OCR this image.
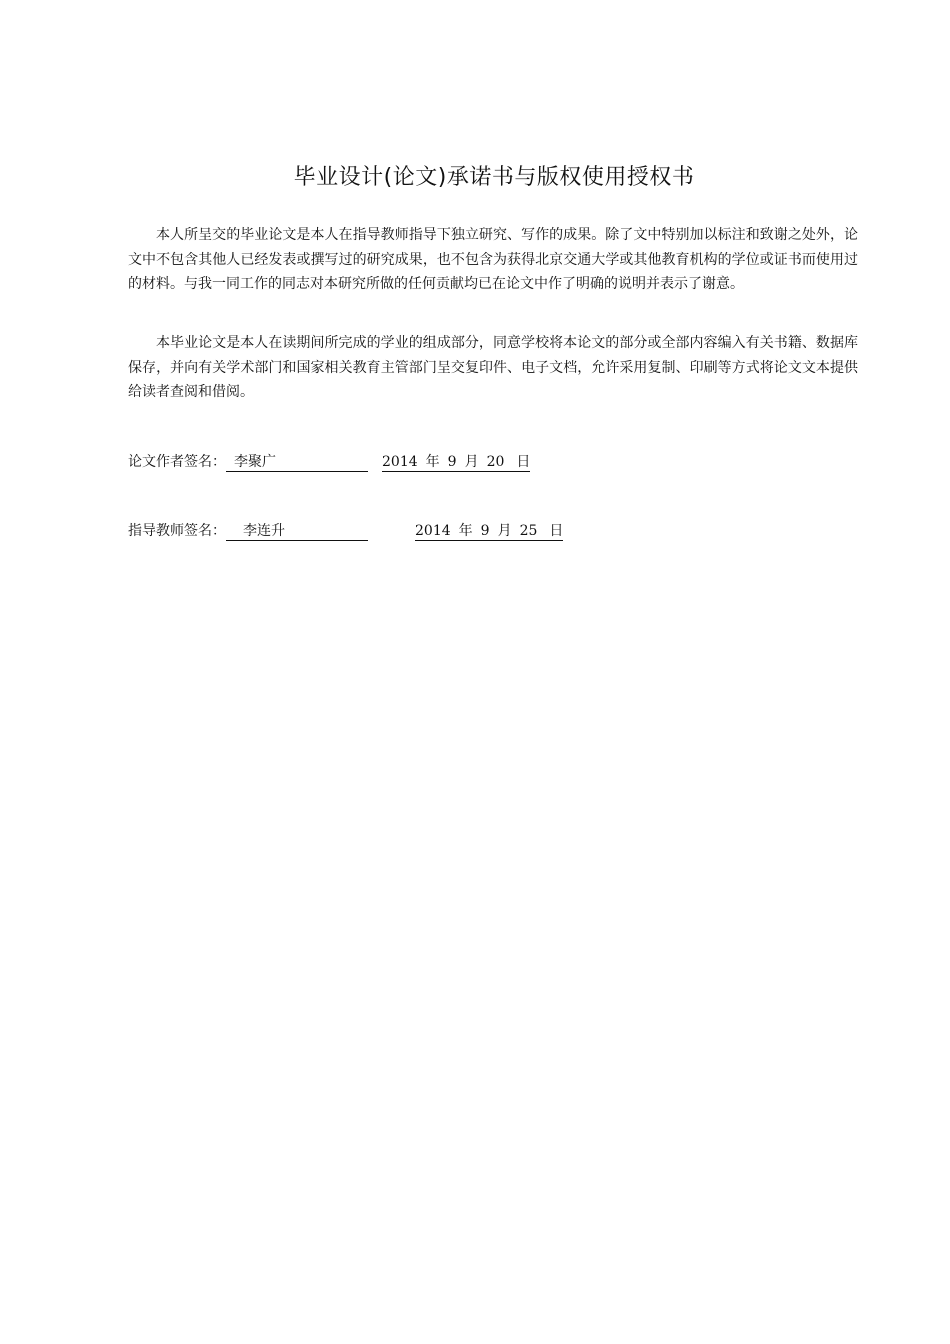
毕业设计(论文)承诺书与版权使用授权书

本人所呈交的毕业论文是本人在指导教师指导下独立研究、写作的成果。除了文中特别加以标注和致谢之处外，论文中不包含其他人已经发表或撰写过的研究成果，也不包含为获得北京交通大学或其他教育机构的学位或证书而使用过的材料。与我一同工作的同志对本研究所做的任何贡献均已在论文中作了明确的说明并表示了谢意。

本毕业论文是本人在读期间所完成的学业的组成部分，同意学校将本论文的部分或全部内容编入有关书籍、数据库保存，并向有关学术部门和国家相关教育主管部门呈交复印件、电子文档，允许采用复制、印刷等方式将论文文本提供给读者查阅和借阅。

论文作者签名： 李聚广	2014 年 9 月 20 日
指导教师签名： 李连升	2014 年 9 月 25 日
